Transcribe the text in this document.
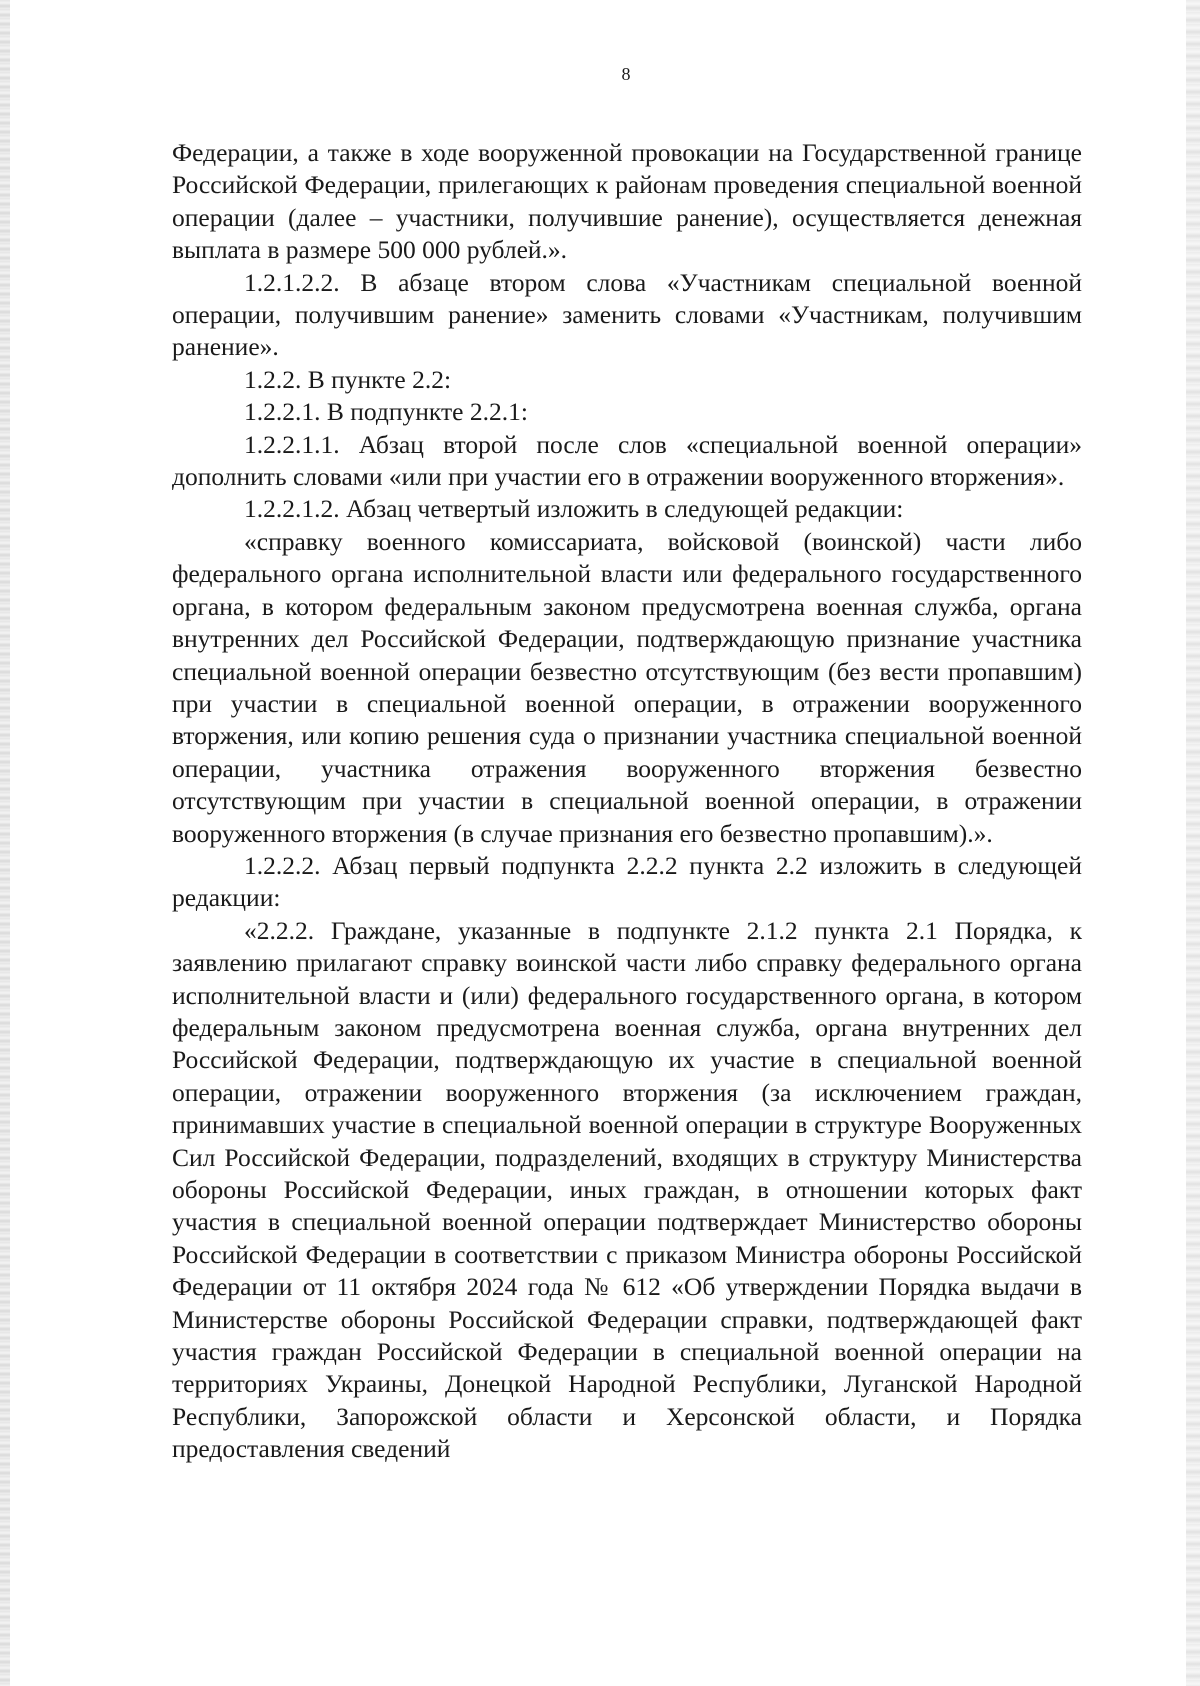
8

Федерации, а также в ходе вооруженной провокации на Государственной границе Российской Федерации, прилегающих к районам проведения специальной военной операции (далее – участники, получившие ранение), осуществляется денежная выплата в размере 500 000 рублей.».

1.2.1.2.2. В абзаце втором слова «Участникам специальной военной операции, получившим ранение» заменить словами «Участникам, получившим ранение».

1.2.2. В пункте 2.2:

1.2.2.1. В подпункте 2.2.1:

1.2.2.1.1. Абзац второй после слов «специальной военной операции» дополнить словами «или при участии его в отражении вооруженного вторжения».

1.2.2.1.2. Абзац четвертый изложить в следующей редакции:

«справку военного комиссариата, войсковой (воинской) части либо федерального органа исполнительной власти или федерального государственного органа, в котором федеральным законом предусмотрена военная служба, органа внутренних дел Российской Федерации, подтверждающую признание участника специальной военной операции безвестно отсутствующим (без вести пропавшим) при участии в специальной военной операции, в отражении вооруженного вторжения, или копию решения суда о признании участника специальной военной операции, участника отражения вооруженного вторжения безвестно отсутствующим при участии в специальной военной операции, в отражении вооруженного вторжения (в случае признания его безвестно пропавшим).».

1.2.2.2. Абзац первый подпункта 2.2.2 пункта 2.2 изложить в следующей редакции:

«2.2.2. Граждане, указанные в подпункте 2.1.2 пункта 2.1 Порядка, к заявлению прилагают справку воинской части либо справку федерального органа исполнительной власти и (или) федерального государственного органа, в котором федеральным законом предусмотрена военная служба, органа внутренних дел Российской Федерации, подтверждающую их участие в специальной военной операции, отражении вооруженного вторжения (за исключением граждан, принимавших участие в специальной военной операции в структуре Вооруженных Сил Российской Федерации, подразделений, входящих в структуру Министерства обороны Российской Федерации, иных граждан, в отношении которых факт участия в специальной военной операции подтверждает Министерство обороны Российской Федерации в соответствии с приказом Министра обороны Российской Федерации от 11 октября 2024 года № 612 «Об утверждении Порядка выдачи в Министерстве обороны Российской Федерации справки, подтверждающей факт участия граждан Российской Федерации в специальной военной операции на территориях Украины, Донецкой Народной Республики, Луганской Народной Республики, Запорожской области и Херсонской области, и Порядка предоставления сведений
